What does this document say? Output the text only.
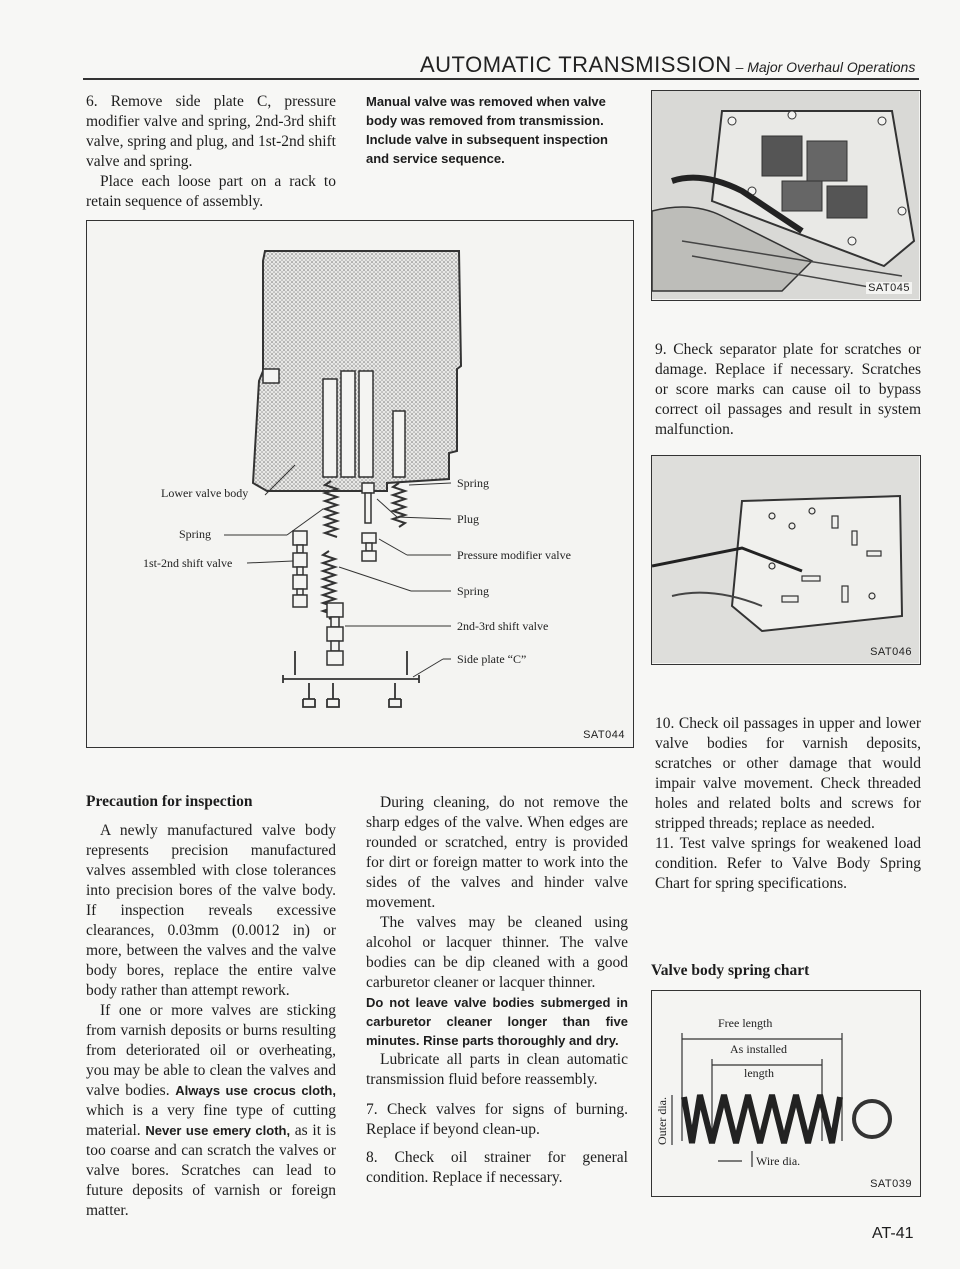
AUTOMATIC TRANSMISSION – Major Overhaul Operations

6. Remove side plate C, pressure modifier valve and spring, 2nd-3rd shift valve, spring and plug, and 1st-2nd shift valve and spring.

Place each loose part on a rack to retain sequence of assembly.

Manual valve was removed when valve body was removed from transmission. Include valve in subsequent inspection and service sequence.
Lower valve body
Spring
1st-2nd shift valve
Spring
Plug
Pressure modifier valve
Spring
2nd-3rd shift valve
Side plate “C”
SAT044
SAT045

9. Check separator plate for scratches or damage. Replace if necessary. Scratches or score marks can cause oil to bypass correct oil passages and result in system malfunction.

SAT046

10. Check oil passages in upper and lower valve bodies for varnish deposits, scratches or other damage that would impair valve movement. Check threaded holes and related bolts and screws for stripped threads; replace as needed.

11. Test valve springs for weakened load condition. Refer to Valve Body Spring Chart for spring specifications.

Precaution for inspection

A newly manufactured valve body represents precision manufactured valves assembled with close tolerances into precision bores of the valve body. If inspection reveals excessive clearances, 0.03mm (0.0012 in) or more, between the valves and the valve body bores, replace the entire valve body rather than attempt rework.

If one or more valves are sticking from varnish deposits or burns resulting from deteriorated oil or overheating, you may be able to clean the valves and valve bodies. Always use crocus cloth, which is a very fine type of cutting material. Never use emery cloth, as it is too coarse and can scratch the valves or valve bores. Scratches can lead to future deposits of varnish or foreign matter.

During cleaning, do not remove the sharp edges of the valve. When edges are rounded or scratched, entry is provided for dirt or foreign matter to work into the sides of the valves and hinder valve movement.

The valves may be cleaned using alcohol or lacquer thinner. The valve bodies can be dip cleaned with a good carburetor cleaner or lacquer thinner.

Do not leave valve bodies submerged in carburetor cleaner longer than five minutes. Rinse parts thoroughly and dry.

Lubricate all parts in clean automatic transmission fluid before reassembly.

7. Check valves for signs of burning. Replace if beyond clean-up.

8. Check oil strainer for general condition. Replace if necessary.

Valve body spring chart
Free length
As installed
length
Outer dia.
Wire dia.
SAT039
AT-41
